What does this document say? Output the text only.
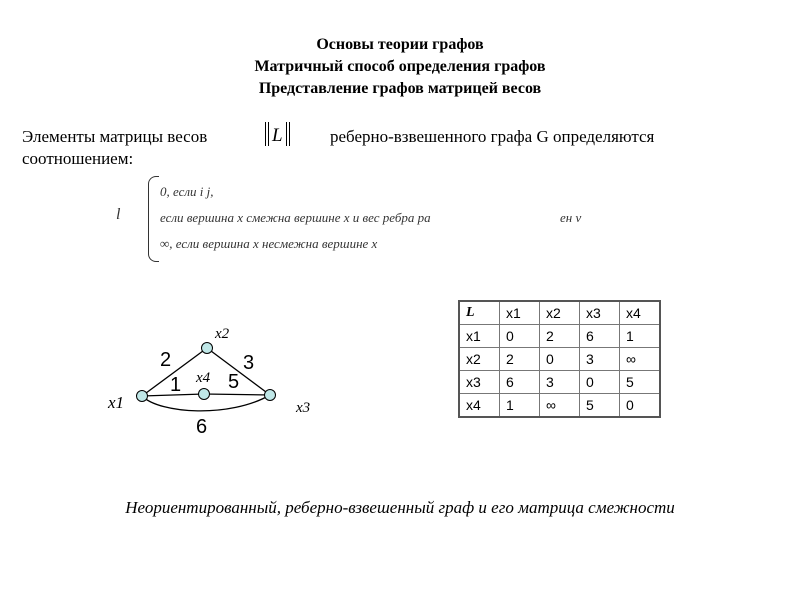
Основы теории графов
Матричный способ определения графов
Представление графов матрицей весов
Элементы матрицы весов	реберно-взвешенного графа G определяются
соотношением:
L
l
0, если i j,
если вершина x смежна вершине x и вес ребра ра	ен v
∞, если вершина x несмежна вершине x
2	3
1 5
6
x1
x2
x3
x4
L	x1	x2	x3	x4
x1	0	2	6	1
x2	2	0	3	∞
x3	6	3	0	5
x4	1	∞	5	0
Неориентированный, реберно-взвешенный граф и его матрица смежности
